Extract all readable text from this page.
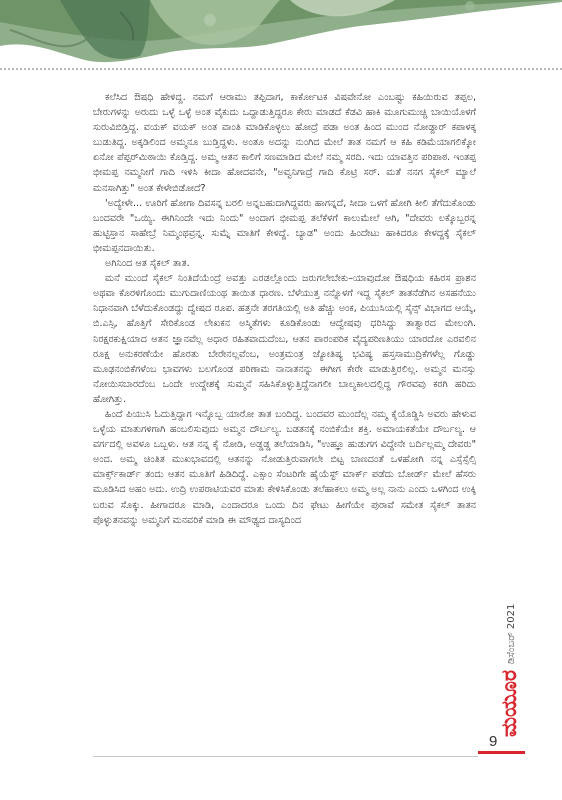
ಕಲೆಸಿದ ಔಷಧಿ ಹೇಳಿದ್ದ. ನಮಗೆ ಆರಾಮು ತಪ್ಪಿದಾಗ, ಕಾರ್ಕೋಟಕ ವಿಷವೇನೋ ಎಂಬಷ್ಟು ಕಹಿಯಿರುವ ತಪ್ಪಲ, ಬೇರುಗಳನ್ನು ಅರುದು ಒಳ್ಳೆ ಒಳ್ಳೆ ಅಂತ ವೈಕುದು ಒದ್ದಾಡುತ್ತಿದ್ದರೂ ಕೇರು ಮಾಡದೆ ಕೆಡವಿ ಹಾಕಿ ಮೂಗುಮುಚ್ಚಿ ಬಾಯಿಯೊಳಗೆ ಸುರುವಿಬಿಡ್ತಿದ್ದ. ವಯಕ್ ವಯಕ್ ಅಂತ ವಾಂತಿ ಮಾಡಿಕೊಳ್ಳಲು ಹೋದ್ರೆ ಪಡಾ ಅಂತ ಹಿಂದ ಮುಂದ ನೋಡ್ದಾರ್ ಕಪಾಳಕ್ಕ ಬುಡುತಿದ್ದ. ಅಕ್ಕಡಿಲಿಂದ ಅಮ್ಮನೂ ಬುಡ್ತಿದ್ದಳು. ಅಂತೂ ಅದನ್ನು ನುಂಗಿದ ಮೇಲೆ ತಾತ ನಮಗೆ ಆ ಕಹಿ ಕಡಿಮೆಯಾಗಲಿಕ್ಕೋ ಏನೋ ಪೆಪ್ಪರ್‌ಮಿಠಾಯಿ ಕೊಡ್ತಿದ್ದ. ಅಮ್ಮ ಆತನ ಕಾಲಿಗೆ ಸಣಮಾಡಿದ ಮೇಲೆ ನಮ್ಮ ಸರದಿ. ಇದು ಯಾವತ್ತಿನ ಪರಿಪಾಠ. ಇಂತಪ್ಪ ಭೀಮಪ್ಪ ನಮ್ಮನೀಗೆ ಗಾದಿ ಇಳಿಸಿ ಕೀದಾ ಹೋದವನೇ, "ಅವ್ವನಿಗಾದ್ರೆ ಗಾದಿ ಕೊಟ್ರಿ ಸರ್. ಮತೆ ನನಗ ಸೈಕಲ್ ಮ್ಯಾಲೆ ಮನಸಾಗಿತ್ತು" ಅಂತ ಕೇಳೇಬಿಡೋದೆ?

'ಅದ್ಯೇಳೇ... ಊರಿಗೆ ಹೋಗಾ ದಿವಸನ್ನ ಬರಲಿ ಅನ್ನಬಹುದಾಗಿದ್ದವರು ಹಾಗನ್ನದೆ, ಸೀದಾ ಒಳಗೆ ಹೋಗಿ ಕೀಲಿ ತೆಗೆದುಕೊಂಡು ಬಂದವರೇ "ಒಯ್ಯಿ. ಈಗಿನಿಂದೇ ಇದು ನಿಂದು" ಅಂದಾಗ ಭೀಮಪ್ಪ ತಲೆಕೆಳಗೆ ಕಾಲುಮೇಲೆ ಆಗಿ, "ದೇವರು ಲಕ್ಕೊಬ್ಬರನ್ನ ಹುಟ್ಟಿಸ್ತಾನ ಸಾಹೇಬ್ರೆ ನಿಮ್ಮಂಥವ್ರನ್ನ. ಸುಮ್ನೆ ಮಾತಿಗೆ ಕೇಳಿದ್ದೆ. ಬ್ಯಾಡ" ಅಂದು ಹಿಂದೇಟು ಹಾಕಿದರೂ ಕೇಳದ್ದಕ್ಕೆ ಸೈಕಲ್ ಭೀಮಪ್ಪನದಾಯಿತು.

ಅಗಿನಿಂದ ಆತ ಸೈಕಲ್ ತಾತ.

ಮನೆ ಮುಂದೆ ಸೈಕಲ್ ನಿಂತಿದೆಯೆಂದ್ರೆ ಅವತ್ತು ಎರಡಲ್ಲೊಂದು ಜರುಗಲೇಬೇಕು–ಯಾವುದೋ ಔಷಧಿಯ ಕಹಿರಸ ಪ್ರಾಶನ ಅಥವಾ ಕೊರಳಿಗೊಂದು ಮುಗುದಾಣಿಯಂಥ ತಾಯಿತ ಧಾರಣ. ಬೆಳೆಯುತ್ತ ನನ್ನೊಳಗೆ ಇದ್ದ ಸೈಕಲ್ ತಾತನೆಡೆಗಿನ ಅಸಹನೆಯು ನಿಧಾನವಾಗಿ ಬೆಳೆದುಕೊಂಡದ್ದು ದ್ವೇಷದ ರೂಪ. ಹತ್ತನೇ ತರಗತಿಯಲ್ಲಿ ಅತಿ ಹೆಚ್ಚು ಅಂಕ, ಪಿಯುಸಿಯಲ್ಲಿ ಸೈನ್ಸ್ ವಿಭಾಗದ ಆಯ್ಕೆ, ಬಿ.ಎಸ್ಸಿ, ಹೊತ್ತಿಗೆ ಸೇರಿಕೊಂಡ ಲೇಖಕನ ಅಸ್ಮಿತೆಗಳು ಕೂಡಿಕೊಂಡು ಆದ್ವೇಷವು ಧರಿಸಿದ್ದು ತಾತ್ವಾರದ ಮೇಲಂಗಿ. ನಿರಕ್ಷರಕುಕ್ಷಿಯಾದ ಆತನ ಜ್ಞಾನವೆಲ್ಲ ಅಧಾರ ರಹಿತವಾದುದೆಂಬ, ಆತನ ಪಾರಂಪರಿಕ ವೈದ್ಯಪರಿಣತಿಯು ಯಾರದೋ ಎರವಲಿನ ರೂಕ್ಷ ಅನುಕರಣೆಯೇ ಹೊರತು ಬೇರೇನಲ್ಲವೆಂಬ, ಅಂತ್ರಮಂತ್ರ ಜ್ಯೋತಿಷ್ಯ ಭವಿಷ್ಯ ಹಸ್ತಸಾಮುದ್ರಿಕೆಗಳೆಲ್ಲ ಗೊಡ್ಡು ಮೂಢನಂಬಿಕೆಗಳೆಂಬ ಭಾವಗಳು ಬಲಗೊಂಡ ಪರಿಣಾಮ ನಾನಾತನನ್ನು ಈಗೀಗ ಕೇರೇ ಮಾಡುತ್ತಿರಲಿಲ್ಲ. ಅಮ್ಮನ ಮನಸ್ಸು ನೋಯಿಸಬಾರದೆಂಬ ಒಂದೇ ಉದ್ದೇಶಕ್ಕೆ ಸುಮ್ಮನೆ ಸಹಿಸಿಕೊಳ್ಳುತ್ತಿದ್ದೆನಾಗಲೀ ಬಾಲ್ಯಕಾಲದಲ್ಲಿದ್ದ ಗೌರವವು ಕರಗಿ ಹರಿದು ಹೋಗಿತ್ತು.

ಹಿಂದೆ ಪಿಯುಸಿ ಓದುತ್ತಿದ್ದಾಗ ಇನ್ನೊಬ್ಬ ಯಾರೋ ತಾತ ಬಂದಿದ್ದ. ಬಂದವರ ಮುಂದೆಲ್ಲ ನಮ್ಮ ಕೈಯೊಡ್ಡಿಸಿ ಅವರು ಹೇಳುವ ಒಳ್ಳೆಯ ಮಾತುಗಳಿಗಾಗಿ ಹಂಬಲಿಸುವುದು ಅಮ್ಮನ ದೌರ್ಬಲ್ಯ. ಬಡತನಕ್ಕೆ ನಂಬಿಕೆಯೇ ಶಕ್ತಿ. ಅಮಾಯಕತೆಯೇ ದೌರ್ಬಲ್ಯ. ಆ ವರ್ಗದಲ್ಲಿ ಅವಳೂ ಒಬ್ಬಳು. ಆತ ನನ್ನ ಕೈ ನೋಡಿ, ಅಡ್ಡಡ್ಡ ತಲೆಯಾಡಿಸಿ, "ಉಹ್ಞೂ ಹುಡುಗಗ ವಿದ್ದೇನೇ ಬರ್ದಿಲ್ಲಮ್ಮ ದೇವರು" ಅಂದ. ಅಮ್ಮ ಚಿಂತಿತ ಮುಖಭಾವದಲ್ಲಿ ಆತನನ್ನು ನೋಡುತ್ತಿರುವಾಗಲೇ ಬಿಟ್ಟ ಬಾಣದಂತೆ ಒಳಹೋಗಿ ನನ್ನ ಎಸ್ಸೆಸ್ಸೆಲ್ಸಿ ಮಾರ್ಕ್ಸ್‌ಕಾರ್ಡ್ ತಂದು ಆತನ ಮೂತಿಗೆ ಹಿಡಿದಿದ್ದೆ. ಎಕ್ಸಾಂ ಸೆಂಟರಿಗೇ ಹೈಯೆಸ್ಟ್ ಮಾರ್ಕ್ ಪಡೆದು ಬೋರ್ಡ್ ಮೇಲೆ ಹೆಸರು ಮೂಡಿಸಿದ ಅಹಂ ಅದು. ಉದ್ರಿ ಉಪರಾಟಿಯವರ ಮಾತು ಕೇಳಿಸಿಕೊಂಡು ತಲೆಹಾಕಲು ಅಮ್ಮ ಅಲ್ಲ ನಾನು ಎಂದು ಒಳಗಿಂದ ಉಕ್ಕಿ ಬರುವ ಸೊಕ್ಕು. ಹೀಗಾದರೂ ಮಾಡಿ, ಎಂದಾದರೂ ಒಂದು ದಿನ ಫೇಟು ಹೀಗೆಯೇ ಪುರಾವೆ ಸಮೇತ ಸೈಕಲ್ ತಾತನ ಪೊಳ್ಳುತನವನ್ನು ಅಮ್ಮನಿಗೆ ಮನವರಿಕೆ ಮಾಡಿ ಈ ಮೌಢ್ಯದ ದಾಸ್ಯದಿಂದ

ಮಯೂರ
ಡಿಸೆಂಬರ್ 2021
9
